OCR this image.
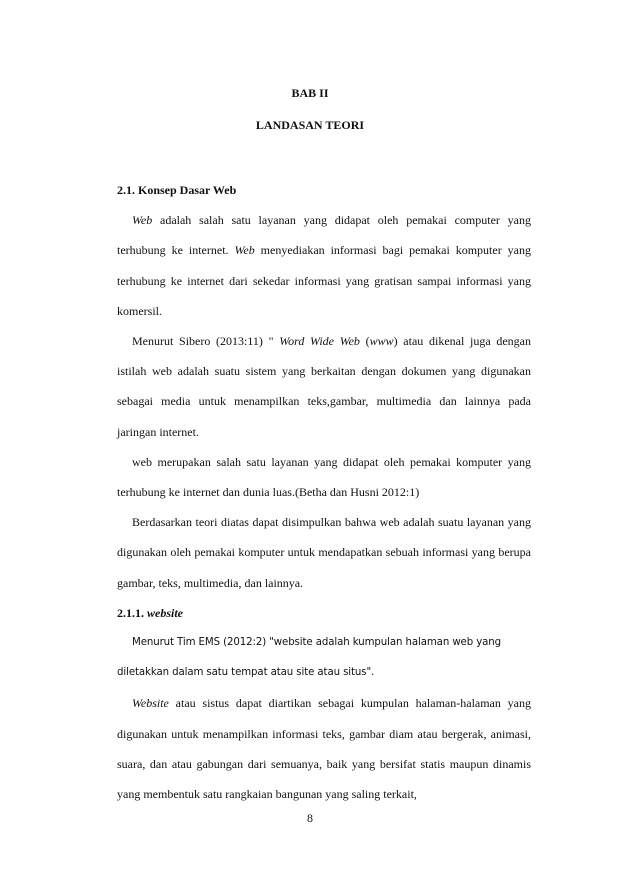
BAB II
LANDASAN TEORI
2.1. Konsep Dasar Web

Web adalah salah satu layanan yang didapat oleh pemakai computer yang terhubung ke internet. Web menyediakan informasi bagi pemakai komputer yang terhubung ke internet dari sekedar informasi yang gratisan sampai informasi yang komersil.

Menurut Sibero (2013:11) " Word Wide Web (www) atau dikenal juga dengan istilah web adalah suatu sistem yang berkaitan dengan dokumen yang digunakan sebagai media untuk menampilkan teks,gambar, multimedia dan lainnya pada jaringan internet.

web merupakan salah satu layanan yang didapat oleh pemakai komputer yang terhubung ke internet dan dunia luas.(Betha dan Husni 2012:1)

Berdasarkan teori diatas dapat disimpulkan bahwa web adalah suatu layanan yang digunakan oleh pemakai komputer untuk mendapatkan sebuah informasi yang berupa gambar, teks, multimedia, dan lainnya.

2.1.1. website

Menurut Tim EMS (2012:2) "website adalah kumpulan halaman web yang

diletakkan dalam satu tempat atau site atau situs".

Website atau sistus dapat diartikan sebagai kumpulan halaman-halaman yang digunakan untuk menampilkan informasi teks, gambar diam atau bergerak, animasi, suara, dan atau gabungan dari semuanya, baik yang bersifat statis maupun dinamis yang membentuk satu rangkaian bangunan yang saling terkait,

8
